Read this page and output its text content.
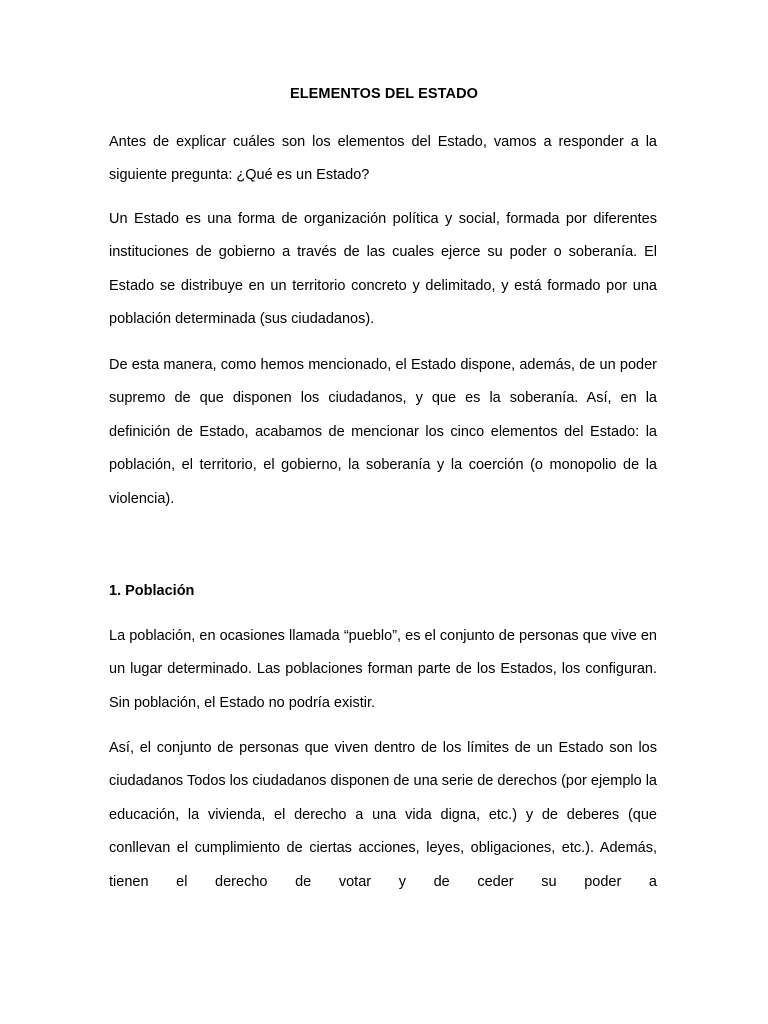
ELEMENTOS DEL ESTADO

Antes de explicar cuáles son los elementos del Estado, vamos a responder a la siguiente pregunta: ¿Qué es un Estado?

Un Estado es una forma de organización política y social, formada por diferentes instituciones de gobierno a través de las cuales ejerce su poder o soberanía. El Estado se distribuye en un territorio concreto y delimitado, y está formado por una población determinada (sus ciudadanos).

De esta manera, como hemos mencionado, el Estado dispone, además, de un poder supremo de que disponen los ciudadanos, y que es la soberanía. Así, en la definición de Estado, acabamos de mencionar los cinco elementos del Estado: la población, el territorio, el gobierno, la soberanía y la coerción (o monopolio de la violencia).

1. Población

La población, en ocasiones llamada “pueblo”, es el conjunto de personas que vive en un lugar determinado. Las poblaciones forman parte de los Estados, los configuran. Sin población, el Estado no podría existir.

Así, el conjunto de personas que viven dentro de los límites de un Estado son los ciudadanos Todos los ciudadanos disponen de una serie de derechos (por ejemplo la educación, la vivienda, el derecho a una vida digna, etc.) y de deberes (que conllevan el cumplimiento de ciertas acciones, leyes, obligaciones, etc.). Además, tienen el derecho de votar y de ceder su poder a
